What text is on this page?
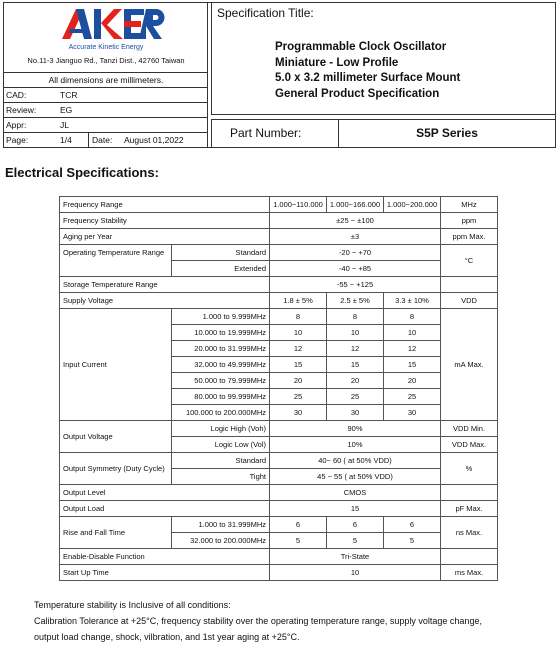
Accurate Kinetic Energy
No.11-3 Jianguo Rd., Tanzi Dist., 42760 Taiwan
All dimensions are millimeters.
CAD:	TCR
Review:	EG
Appr:	JL
Page:	1/4 Date: August 01,2022
Specification Title:
Programmable Clock Oscillator
Miniature - Low Profile
5.0 x 3.2 millimeter Surface Mount
General Product Specification
Part Number:	S5P Series
Electrical Specifications:
Frequency Range		1.000~110.000	1.000~166.000	1.000~200.000	MHz
Frequency Stability		±25 ~ ±100			ppm
Aging per Year		±3			ppm Max.
Operating Temperature Range	Standard	-20 ~ +70			°C
	Extended	-40 ~ +85			
Storage Temperature Range		-55 ~ +125			
Supply Voltage		1.8 ± 5%	2.5 ± 5%	3.3 ± 10%	VDD
Input Current	1.000 to 9.999MHz	8	8	8	mA Max.
	10.000 to 19.999MHz	10	10	10	
	20.000 to 31.999MHz	12	12	12	
	32.000 to 49.999MHz	15	15	15	
	50.000 to 79.999MHz	20	20	20	
	80.000 to 99.999MHz	25	25	25	
	100.000 to 200.000MHz	30	30	30	
Output Voltage	Logic High (Voh)	90%			VDD Min.
	Logic Low (Vol)	10%			VDD Max.
Output Symmetry (Duty Cycle)	Standard	40~ 60 ( at 50% VDD)			%
	Tight	45 ~ 55 ( at 50% VDD)			
Output Level		CMOS			
Output Load		15			pF Max.
Rise and Fall Time	1.000 to 31.999MHz	6	6	6	ns Max.
	32.000 to 200.000MHz	5	5	5	
Enable-Disable Function		Tri-State			
Start Up Time		10			ms Max.
Temperature stability is Inclusive of all conditions:
Calibration Tolerance at +25°C, frequency stability over the operating temperature range, supply voltage change,
output load change, shock, vilbration, and 1st year aging at +25°C.
